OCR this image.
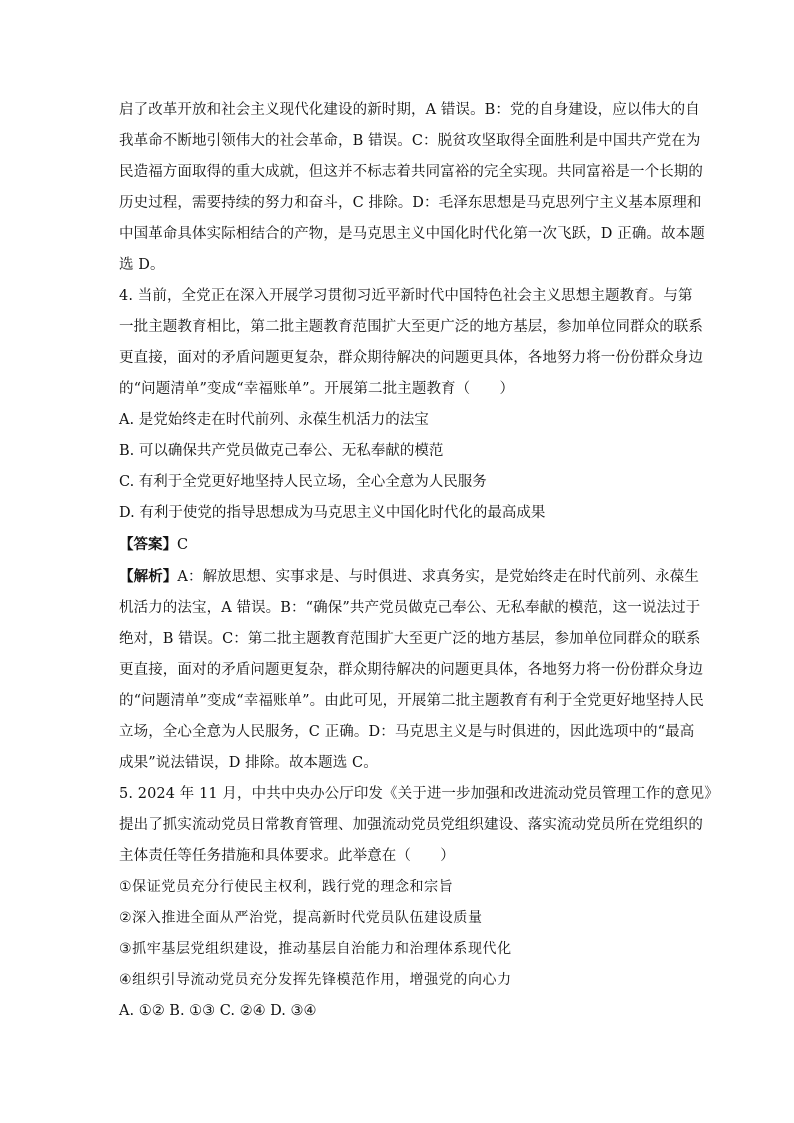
启了改革开放和社会主义现代化建设的新时期，A 错误。B：党的自身建设，应以伟大的自
我革命不断地引领伟大的社会革命，B 错误。C：脱贫攻坚取得全面胜利是中国共产党在为
民造福方面取得的重大成就，但这并不标志着共同富裕的完全实现。共同富裕是一个长期的
历史过程，需要持续的努力和奋斗，C 排除。D：毛泽东思想是马克思列宁主义基本原理和
中国革命具体实际相结合的产物，是马克思主义中国化时代化第一次飞跃，D 正确。故本题
选 D。
4. 当前，全党正在深入开展学习贯彻习近平新时代中国特色社会主义思想主题教育。与第
一批主题教育相比，第二批主题教育范围扩大至更广泛的地方基层，参加单位同群众的联系
更直接，面对的矛盾问题更复杂，群众期待解决的问题更具体，各地努力将一份份群众身边
的“问题清单”变成“幸福账单”。开展第二批主题教育（　　）

A. 是党始终走在时代前列、永葆生机活力的法宝

B. 可以确保共产党员做克己奉公、无私奉献的模范

C. 有利于全党更好地坚持人民立场，全心全意为人民服务

D. 有利于使党的指导思想成为马克思主义中国化时代化的最高成果

【答案】C

【解析】A：解放思想、实事求是、与时俱进、求真务实，是党始终走在时代前列、永葆生
机活力的法宝，A 错误。B：“确保”共产党员做克己奉公、无私奉献的模范，这一说法过于
绝对，B 错误。C：第二批主题教育范围扩大至更广泛的地方基层，参加单位同群众的联系
更直接，面对的矛盾问题更复杂，群众期待解决的问题更具体，各地努力将一份份群众身边
的“问题清单”变成“幸福账单”。由此可见，开展第二批主题教育有利于全党更好地坚持人民
立场，全心全意为人民服务，C 正确。D：马克思主义是与时俱进的，因此选项中的“最高
成果”说法错误，D 排除。故本题选 C。
5. 2024 年 11 月，中共中央办公厅印发《关于进一步加强和改进流动党员管理工作的意见》
提出了抓实流动党员日常教育管理、加强流动党员党组织建设、落实流动党员所在党组织的
主体责任等任务措施和具体要求。此举意在（　　）

①保证党员充分行使民主权利，践行党的理念和宗旨

②深入推进全面从严治党，提高新时代党员队伍建设质量

③抓牢基层党组织建设，推动基层自治能力和治理体系现代化

④组织引导流动党员充分发挥先锋模范作用，增强党的向心力

A. ①② B. ①③ C. ②④ D. ③④
